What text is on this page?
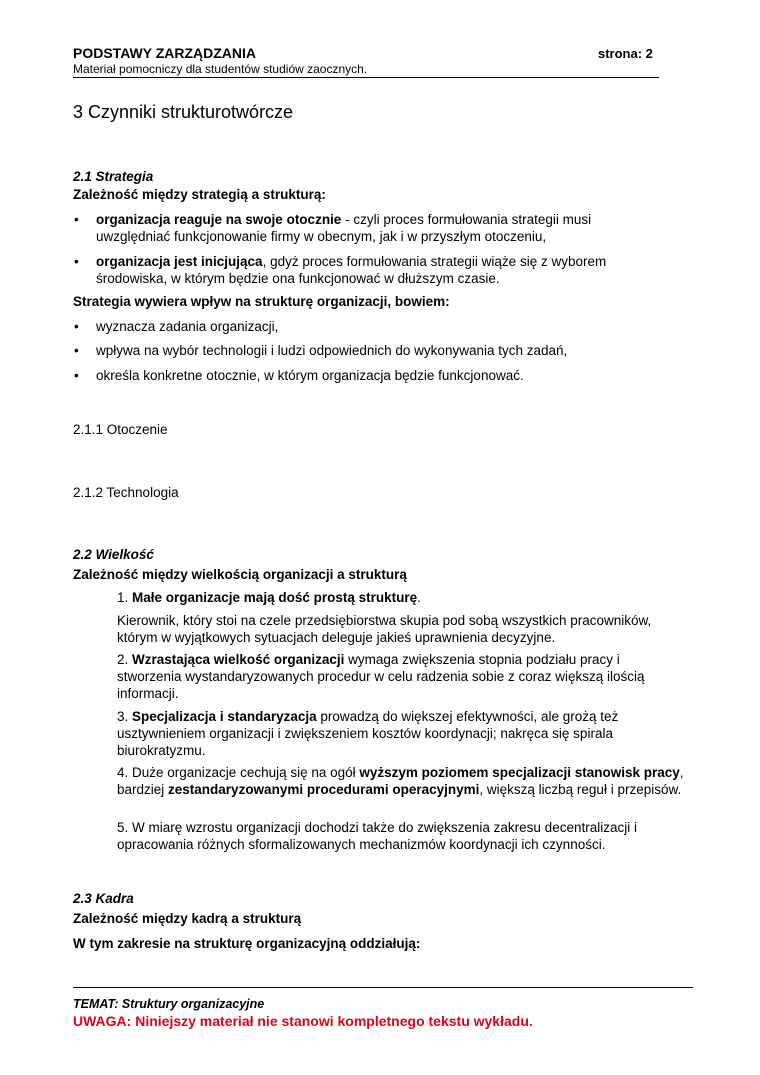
PODSTAWY ZARZĄDZANIA	strona: 2
Materiał pomocniczy dla studentów studiów zaocznych.
3 Czynniki strukturotwórcze
2.1 Strategia
Zależność między strategią a strukturą:
• organizacja reaguje na swoje otocznie - czyli proces formułowania strategii musi uwzględniać funkcjonowanie firmy w obecnym, jak i w przyszłym otoczeniu,
• organizacja jest inicjująca, gdyż proces formułowania strategii wiąże się z wyborem środowiska, w którym będzie ona funkcjonować w dłuższym czasie.
Strategia wywiera wpływ na strukturę organizacji, bowiem:
• wyznacza zadania organizacji,
• wpływa na wybór technologii i ludzi odpowiednich do wykonywania tych zadań,
• określa konkretne otocznie, w którym organizacja będzie funkcjonować.
2.1.1 Otoczenie
2.1.2 Technologia
2.2 Wielkość
Zależność między wielkością organizacji a strukturą
1. Małe organizacje mają dość prostą strukturę.
Kierownik, który stoi na czele przedsiębiorstwa skupia pod sobą wszystkich pracowników, którym w wyjątkowych sytuacjach deleguje jakieś uprawnienia decyzyjne.
2. Wzrastająca wielkość organizacji wymaga zwiększenia stopnia podziału pracy i stworzenia wystandaryzowanych procedur w celu radzenia sobie z coraz większą ilością informacji.
3. Specjalizacja i standaryzacja prowadzą do większej efektywności, ale grożą też usztywnieniem organizacji i zwiększeniem kosztów koordynacji; nakręca się spirala biurokratyzmu.
4. Duże organizacje cechują się na ogół wyższym poziomem specjalizacji stanowisk pracy, bardziej zestandaryzowanymi procedurami operacyjnymi, większą liczbą reguł i przepisów.
5. W miarę wzrostu organizacji dochodzi także do zwiększenia zakresu decentralizacji i opracowania różnych sformalizowanych mechanizmów koordynacji ich czynności.
2.3 Kadra
Zależność między kadrą a strukturą
W tym zakresie na strukturę organizacyjną oddziałują:
TEMAT: Struktury organizacyjne
UWAGA: Niniejszy materiał nie stanowi kompletnego tekstu wykładu.
